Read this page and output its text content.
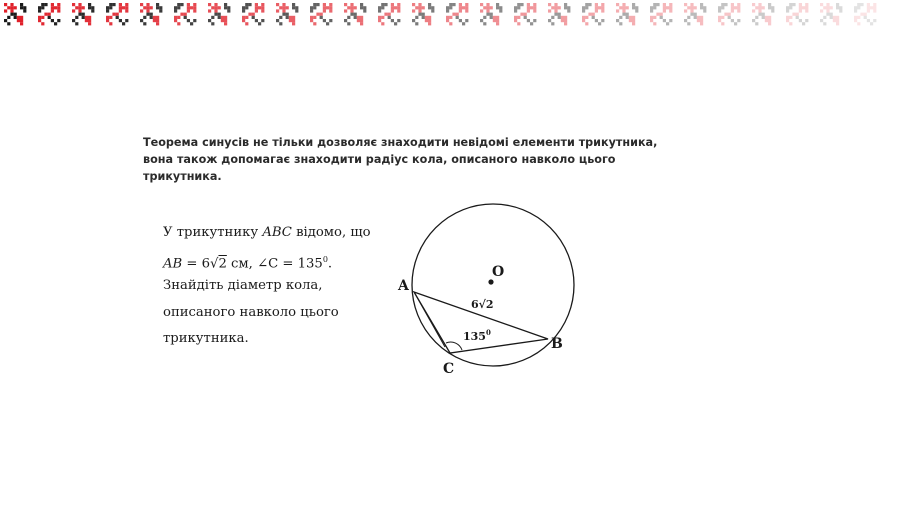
Теорема синусів не тільки дозволяє знаходити невідомі елементи трикутника,
вона також допомагає знаходити радіус кола, описаного навколо цього
трикутника.
У трикутнику ABC відомо, що
AB = 6√2 см, ∠C = $135^0$.
Знайдіть діаметр кола,
описаного навколо цього
трикутника.
A
B
C
O
6√2
$135^0$
